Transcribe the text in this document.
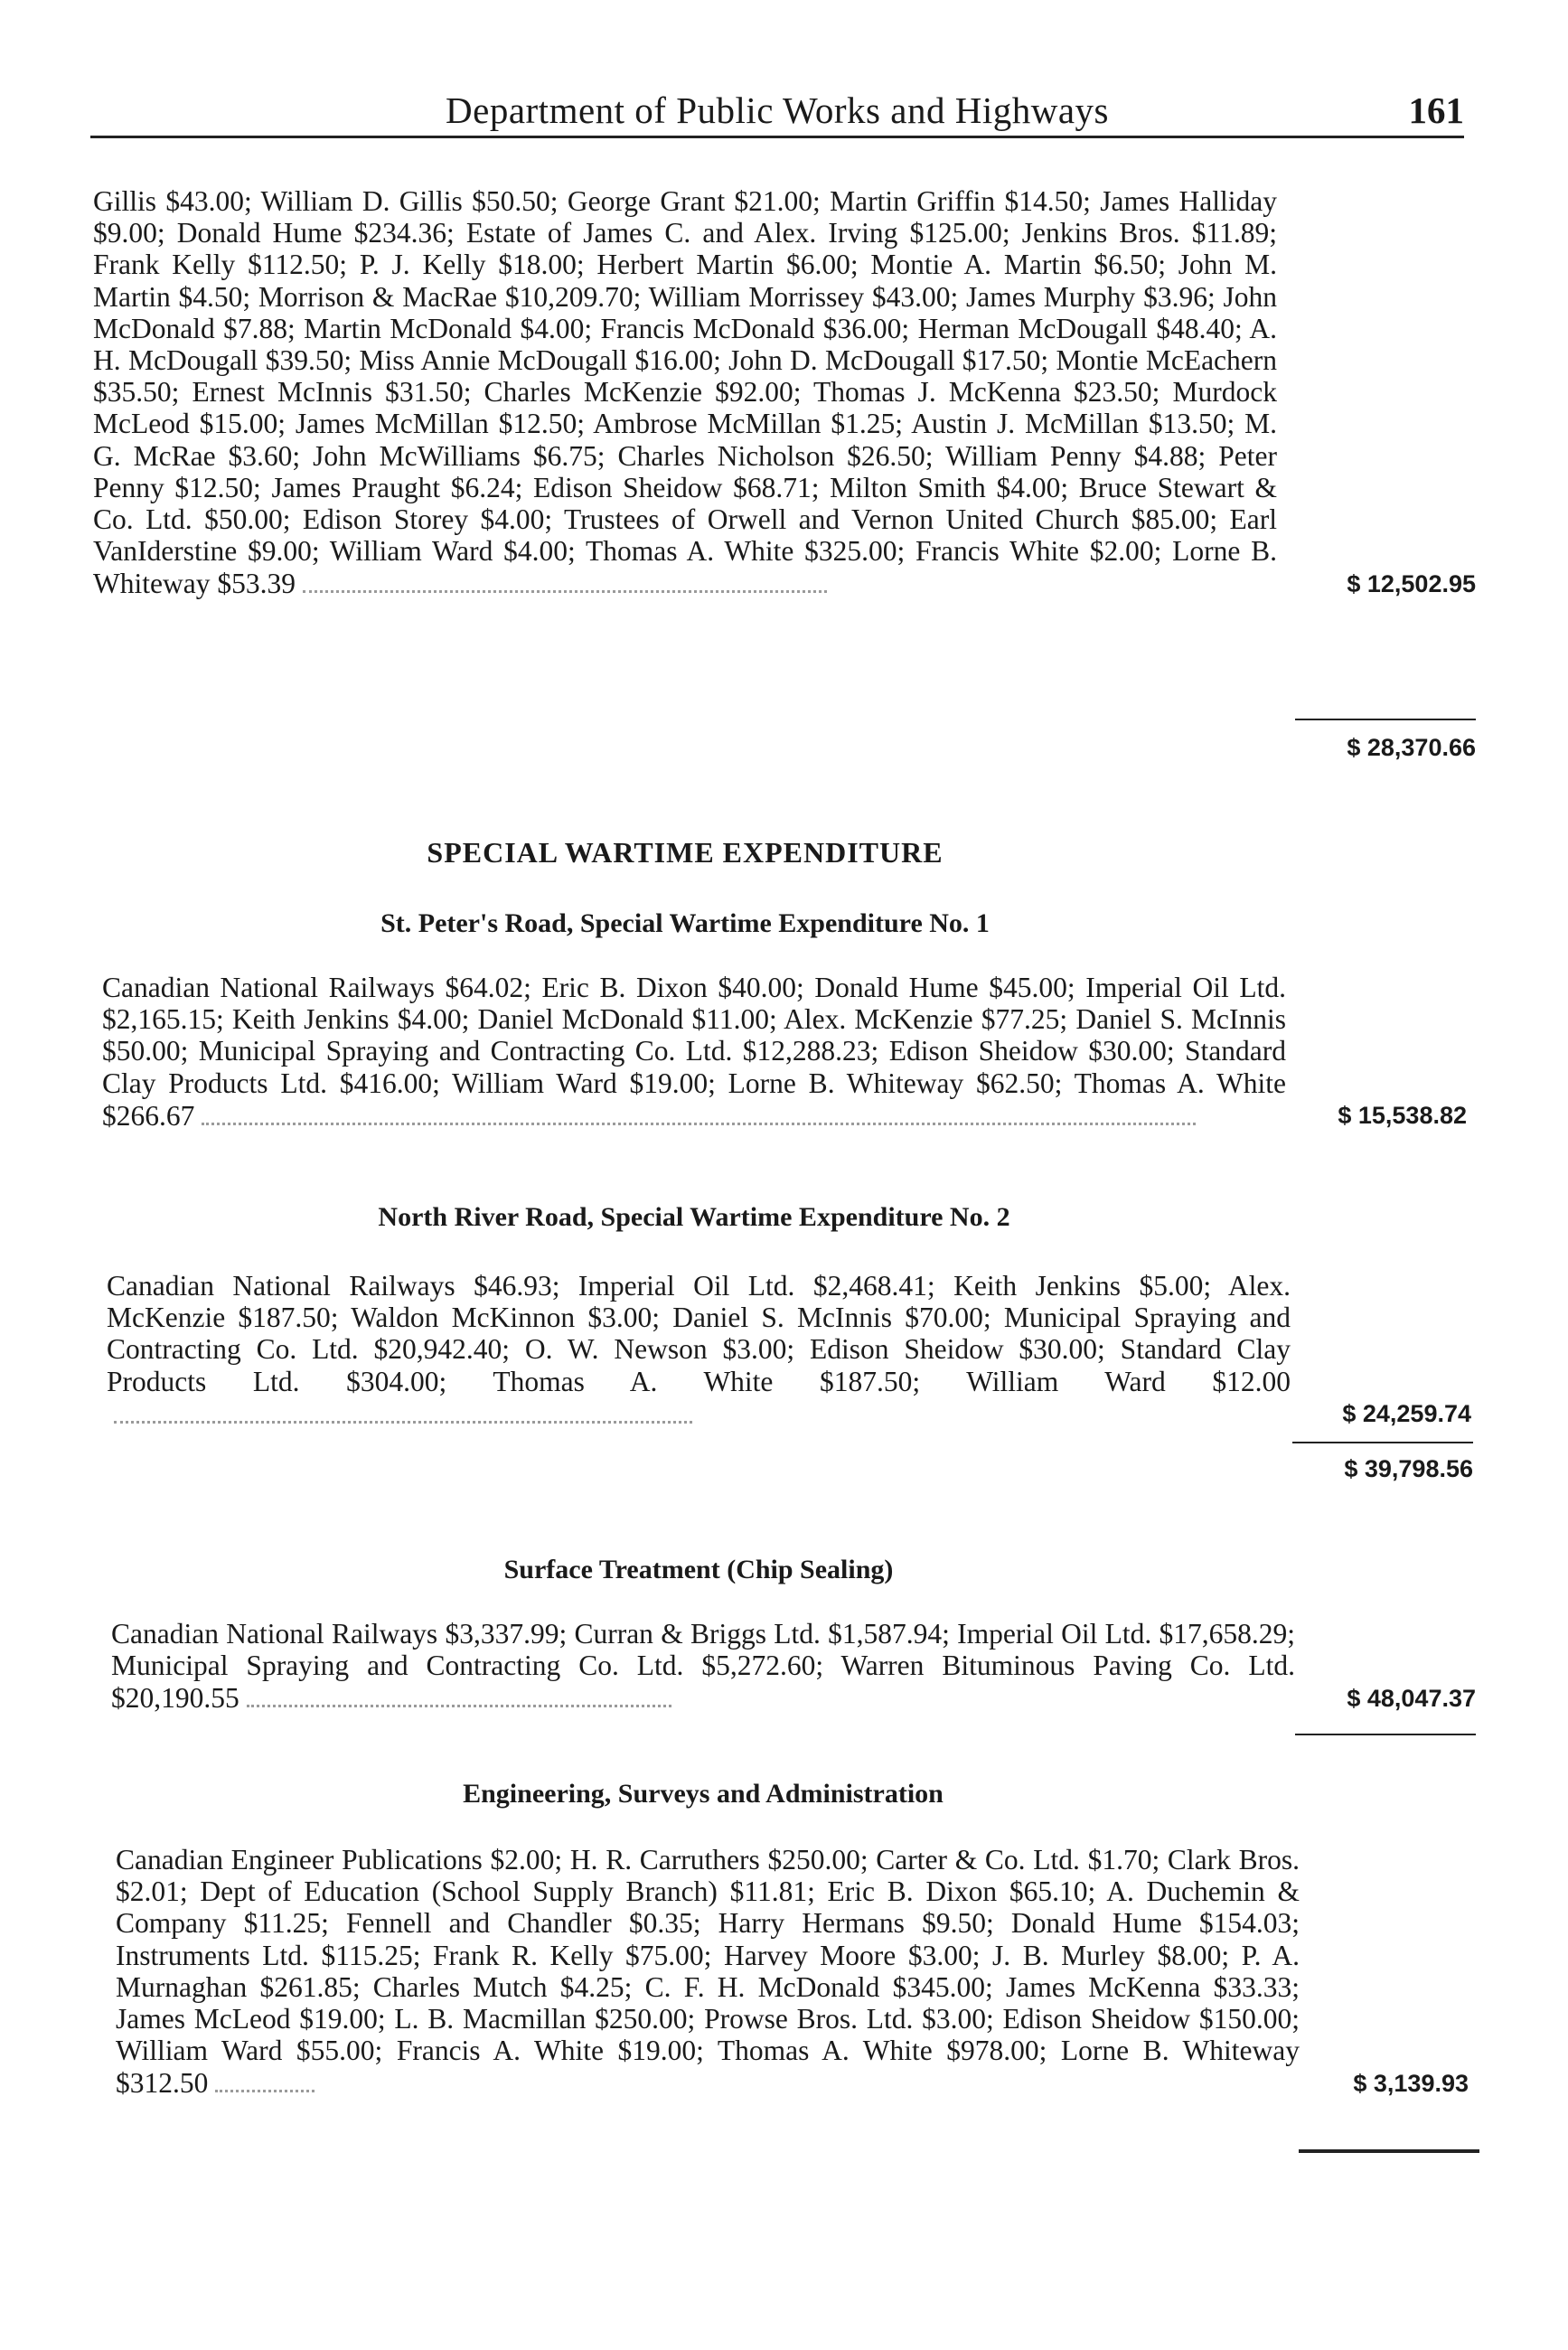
Department of Public Works and Highways	161
Gillis $43.00; William D. Gillis $50.50; George Grant $21.00; Martin Griffin $14.50; James Halliday $9.00; Donald Hume $234.36; Estate of James C. and Alex. Irving $125.00; Jenkins Bros. $11.89; Frank Kelly $112.50; P. J. Kelly $18.00; Herbert Martin $6.00; Montie A. Martin $6.50; John M. Martin $4.50; Morrison & MacRae $10,209.70; William Morrissey $43.00; James Murphy $3.96; John McDonald $7.88; Martin McDonald $4.00; Francis McDonald $36.00; Herman McDougall $48.40; A. H. McDougall $39.50; Miss Annie McDougall $16.00; John D. McDougall $17.50; Montie McEachern $35.50; Ernest McInnis $31.50; Charles McKenzie $92.00; Thomas J. McKenna $23.50; Murdock McLeod $15.00; James McMillan $12.50; Ambrose McMillan $1.25; Austin J. McMillan $13.50; M. G. McRae $3.60; John McWilliams $6.75; Charles Nicholson $26.50; William Penny $4.88; Peter Penny $12.50; James Praught $6.24; Edison Sheidow $68.71; Milton Smith $4.00; Bruce Stewart & Co. Ltd. $50.00; Edison Storey $4.00; Trustees of Orwell and Vernon United Church $85.00; Earl VanIderstine $9.00; William Ward $4.00; Thomas A. White $325.00; Francis White $2.00; Lorne B. Whiteway $53.39	$ 12,502.95
$ 28,370.66
SPECIAL WARTIME EXPENDITURE
St. Peter's Road, Special Wartime Expenditure No. 1
Canadian National Railways $64.02; Eric B. Dixon $40.00; Donald Hume $45.00; Imperial Oil Ltd. $2,165.15; Keith Jenkins $4.00; Daniel McDonald $11.00; Alex. McKenzie $77.25; Daniel S. McInnis $50.00; Municipal Spraying and Contracting Co. Ltd. $12,288.23; Edison Sheidow $30.00; Standard Clay Products Ltd. $416.00; William Ward $19.00; Lorne B. Whiteway $62.50; Thomas A. White $266.67	$ 15,538.82
North River Road, Special Wartime Expenditure No. 2
Canadian National Railways $46.93; Imperial Oil Ltd. $2,468.41; Keith Jenkins $5.00; Alex. McKenzie $187.50; Waldon McKinnon $3.00; Daniel S. McInnis $70.00; Municipal Spraying and Contracting Co. Ltd. $20,942.40; O. W. Newson $3.00; Edison Sheidow $30.00; Standard Clay Products Ltd. $304.00; Thomas A. White $187.50; William Ward $12.00
$ 24,259.74
$ 39,798.56
Surface Treatment (Chip Sealing)
Canadian National Railways $3,337.99; Curran & Briggs Ltd. $1,587.94; Imperial Oil Ltd. $17,658.29; Municipal Spraying and Contracting Co. Ltd. $5,272.60; Warren Bituminous Paving Co. Ltd. $20,190.55	$ 48,047.37
Engineering, Surveys and Administration
Canadian Engineer Publications $2.00; H. R. Carruthers $250.00; Carter & Co. Ltd. $1.70; Clark Bros. $2.01; Dept of Education (School Supply Branch) $11.81; Eric B. Dixon $65.10; A. Duchemin & Company $11.25; Fennell and Chandler $0.35; Harry Hermans $9.50; Donald Hume $154.03; Instruments Ltd. $115.25; Frank R. Kelly $75.00; Harvey Moore $3.00; J. B. Murley $8.00; P. A. Murnaghan $261.85; Charles Mutch $4.25; C. F. H. McDonald $345.00; James McKenna $33.33; James McLeod $19.00; L. B. Macmillan $250.00; Prowse Bros. Ltd. $3.00; Edison Sheidow $150.00; William Ward $55.00; Francis A. White $19.00; Thomas A. White $978.00; Lorne B. Whiteway $312.50	$ 3,139.93
